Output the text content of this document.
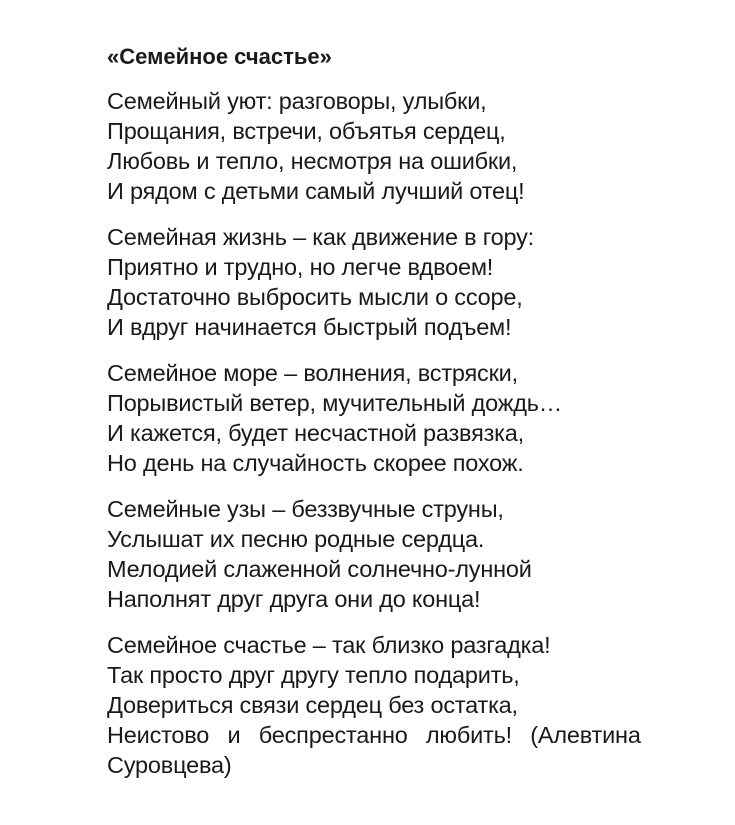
«Семейное счастье»
Семейный уют: разговоры, улыбки,
Прощания, встречи, объятья сердец,
Любовь и тепло, несмотря на ошибки,
И рядом с детьми самый лучший отец!
Семейная жизнь – как движение в гору:
Приятно и трудно, но легче вдвоем!
Достаточно выбросить мысли о ссоре,
И вдруг начинается быстрый подъем!
Семейное море – волнения, встряски,
Порывистый ветер, мучительный дождь…
И кажется, будет несчастной развязка,
Но день на случайность скорее похож.
Семейные узы – беззвучные струны,
Услышат их песню родные сердца.
Мелодией слаженной солнечно-лунной
Наполнят друг друга они до конца!
Семейное счастье – так близко разгадка!
Так просто друг другу тепло подарить,
Довериться связи сердец без остатка,
Неистово и беспрестанно любить! (Алевтина
Суровцева)
